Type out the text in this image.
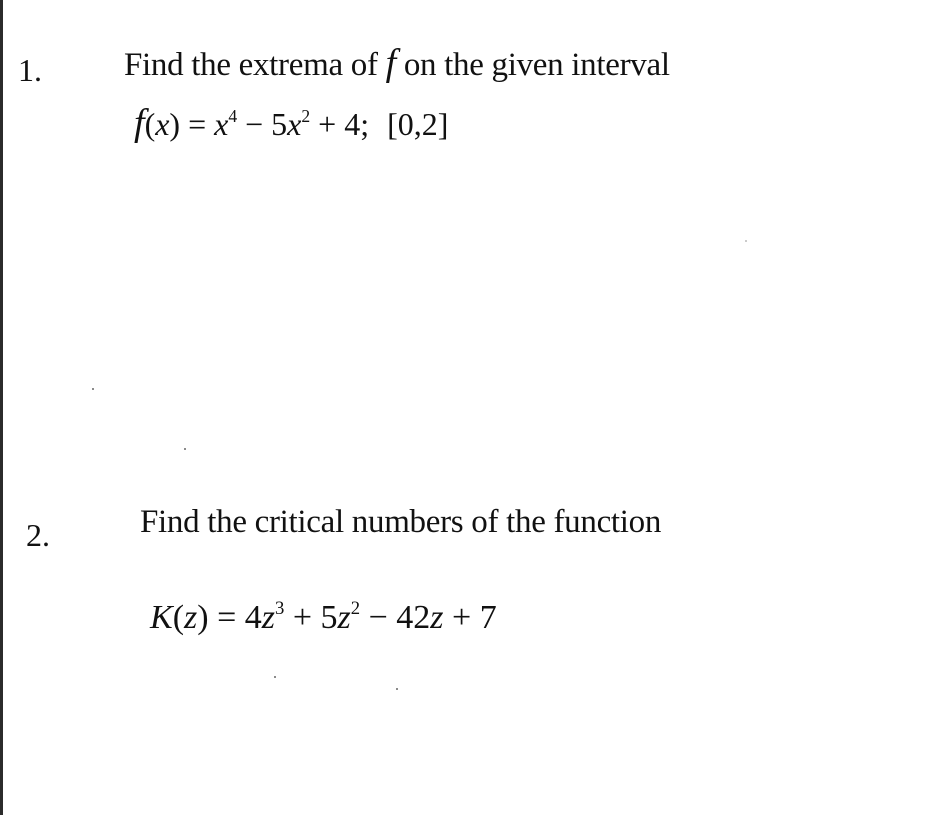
1. Find the extrema of f on the given interval
$f(x) = x^4 - 5x^2 + 4$; [0,2]
2.	Find the critical numbers of the function
$K(z) = 4z^3 + 5z^2 - 42z + 7$
